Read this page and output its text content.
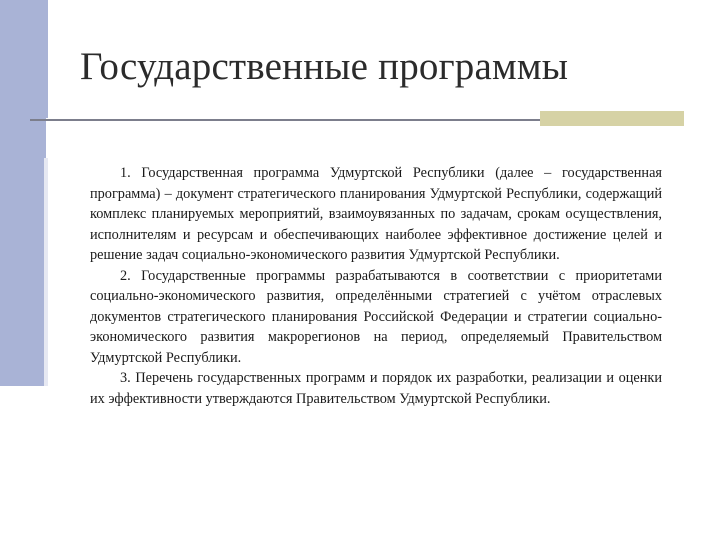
Государственные программы

1. Государственная программа Удмуртской Республики (далее – государственная программа) – документ стратегического планирования Удмуртской Республики, содержащий комплекс планируемых мероприятий, взаимоувязанных по задачам, срокам осуществления, исполнителям и ресурсам и обеспечивающих наиболее эффективное достижение целей и решение задач социально-экономического развития Удмуртской Республики.

2. Государственные программы разрабатываются в соответствии с приоритетами социально-экономического развития, определёнными стратегией с учётом отраслевых документов стратегического планирования Российской Федерации и стратегии социально-экономического развития макрорегионов на период, определяемый Правительством Удмуртской Республики.

3. Перечень государственных программ и порядок их разработки, реализации и оценки их эффективности утверждаются Правительством Удмуртской Республики.
